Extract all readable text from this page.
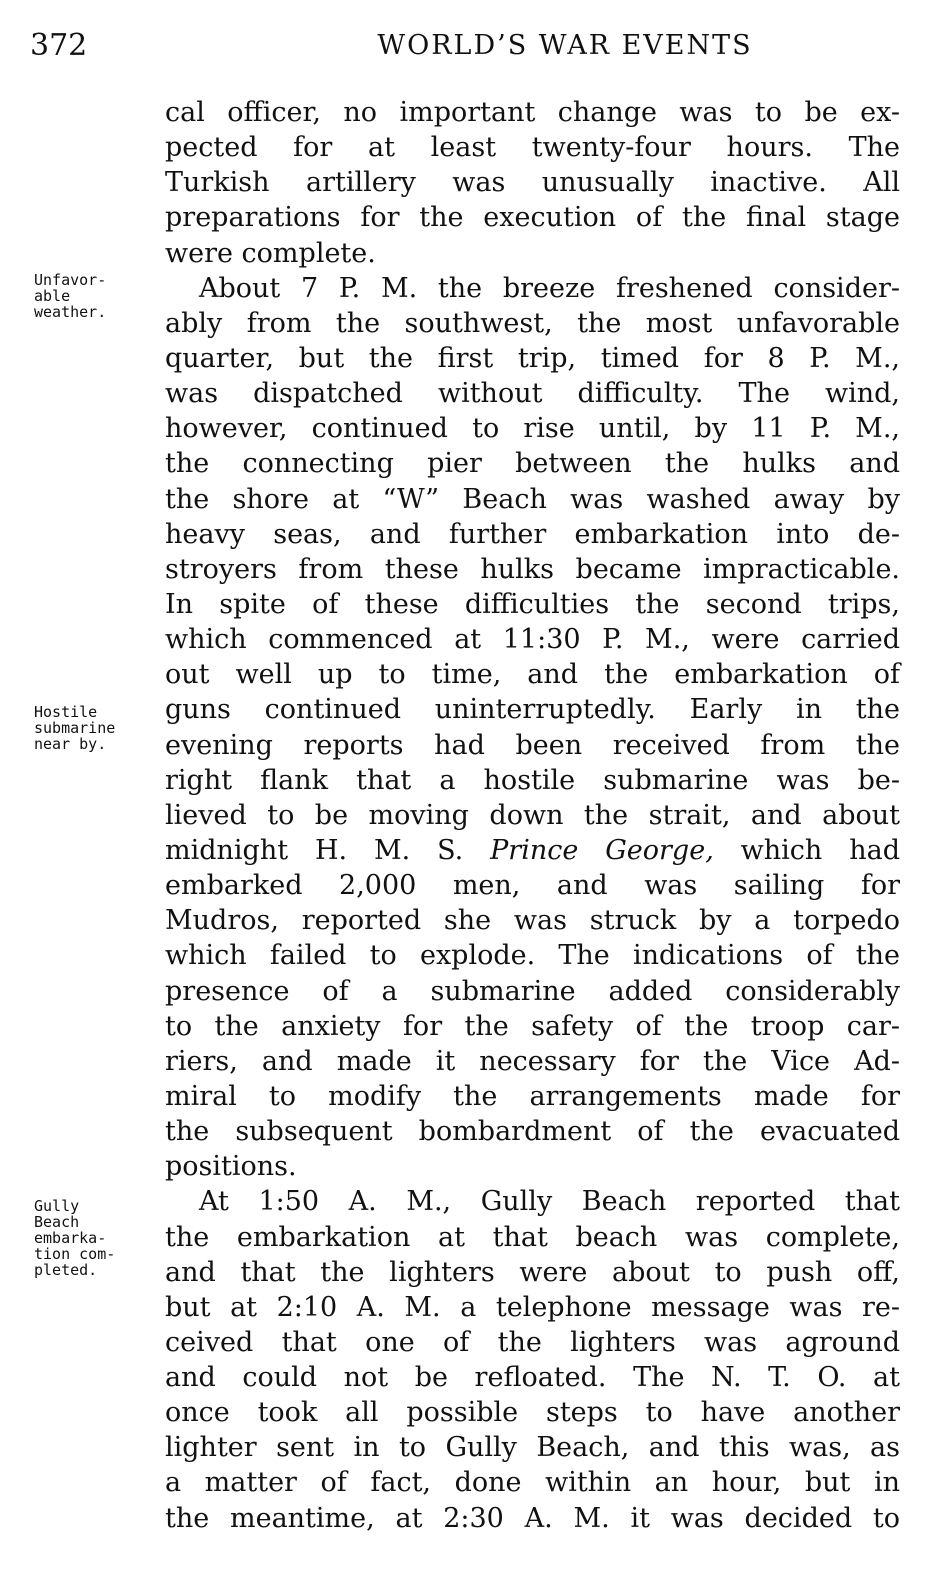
372	WORLD’S WAR EVENTS
Unfavor-
able
weather.
Hostile
submarine
near by.
Gully
Beach
embarka-
tion com-
pleted.
cal officer, no important change was to be ex-
pected for at least twenty-four hours. The
Turkish artillery was unusually inactive. All
preparations for the execution of the final stage
were complete.
About 7 P. M. the breeze freshened consider-
ably from the southwest, the most unfavorable
quarter, but the first trip, timed for 8 P. M.,
was dispatched without difficulty. The wind,
however, continued to rise until, by 11 P. M.,
the connecting pier between the hulks and
the shore at “W” Beach was washed away by
heavy seas, and further embarkation into de-
stroyers from these hulks became impracticable.
In spite of these difficulties the second trips,
which commenced at 11:30 P. M., were carried
out well up to time, and the embarkation of
guns continued uninterruptedly. Early in the
evening reports had been received from the
right flank that a hostile submarine was be-
lieved to be moving down the strait, and about
midnight H. M. S. Prince George, which had
embarked 2,000 men, and was sailing for
Mudros, reported she was struck by a torpedo
which failed to explode. The indications of the
presence of a submarine added considerably
to the anxiety for the safety of the troop car-
riers, and made it necessary for the Vice Ad-
miral to modify the arrangements made for
the subsequent bombardment of the evacuated
positions.
At 1:50 A. M., Gully Beach reported that
the embarkation at that beach was complete,
and that the lighters were about to push off,
but at 2:10 A. M. a telephone message was re-
ceived that one of the lighters was aground
and could not be refloated. The N. T. O. at
once took all possible steps to have another
lighter sent in to Gully Beach, and this was, as
a matter of fact, done within an hour, but in
the meantime, at 2:30 A. M. it was decided to
